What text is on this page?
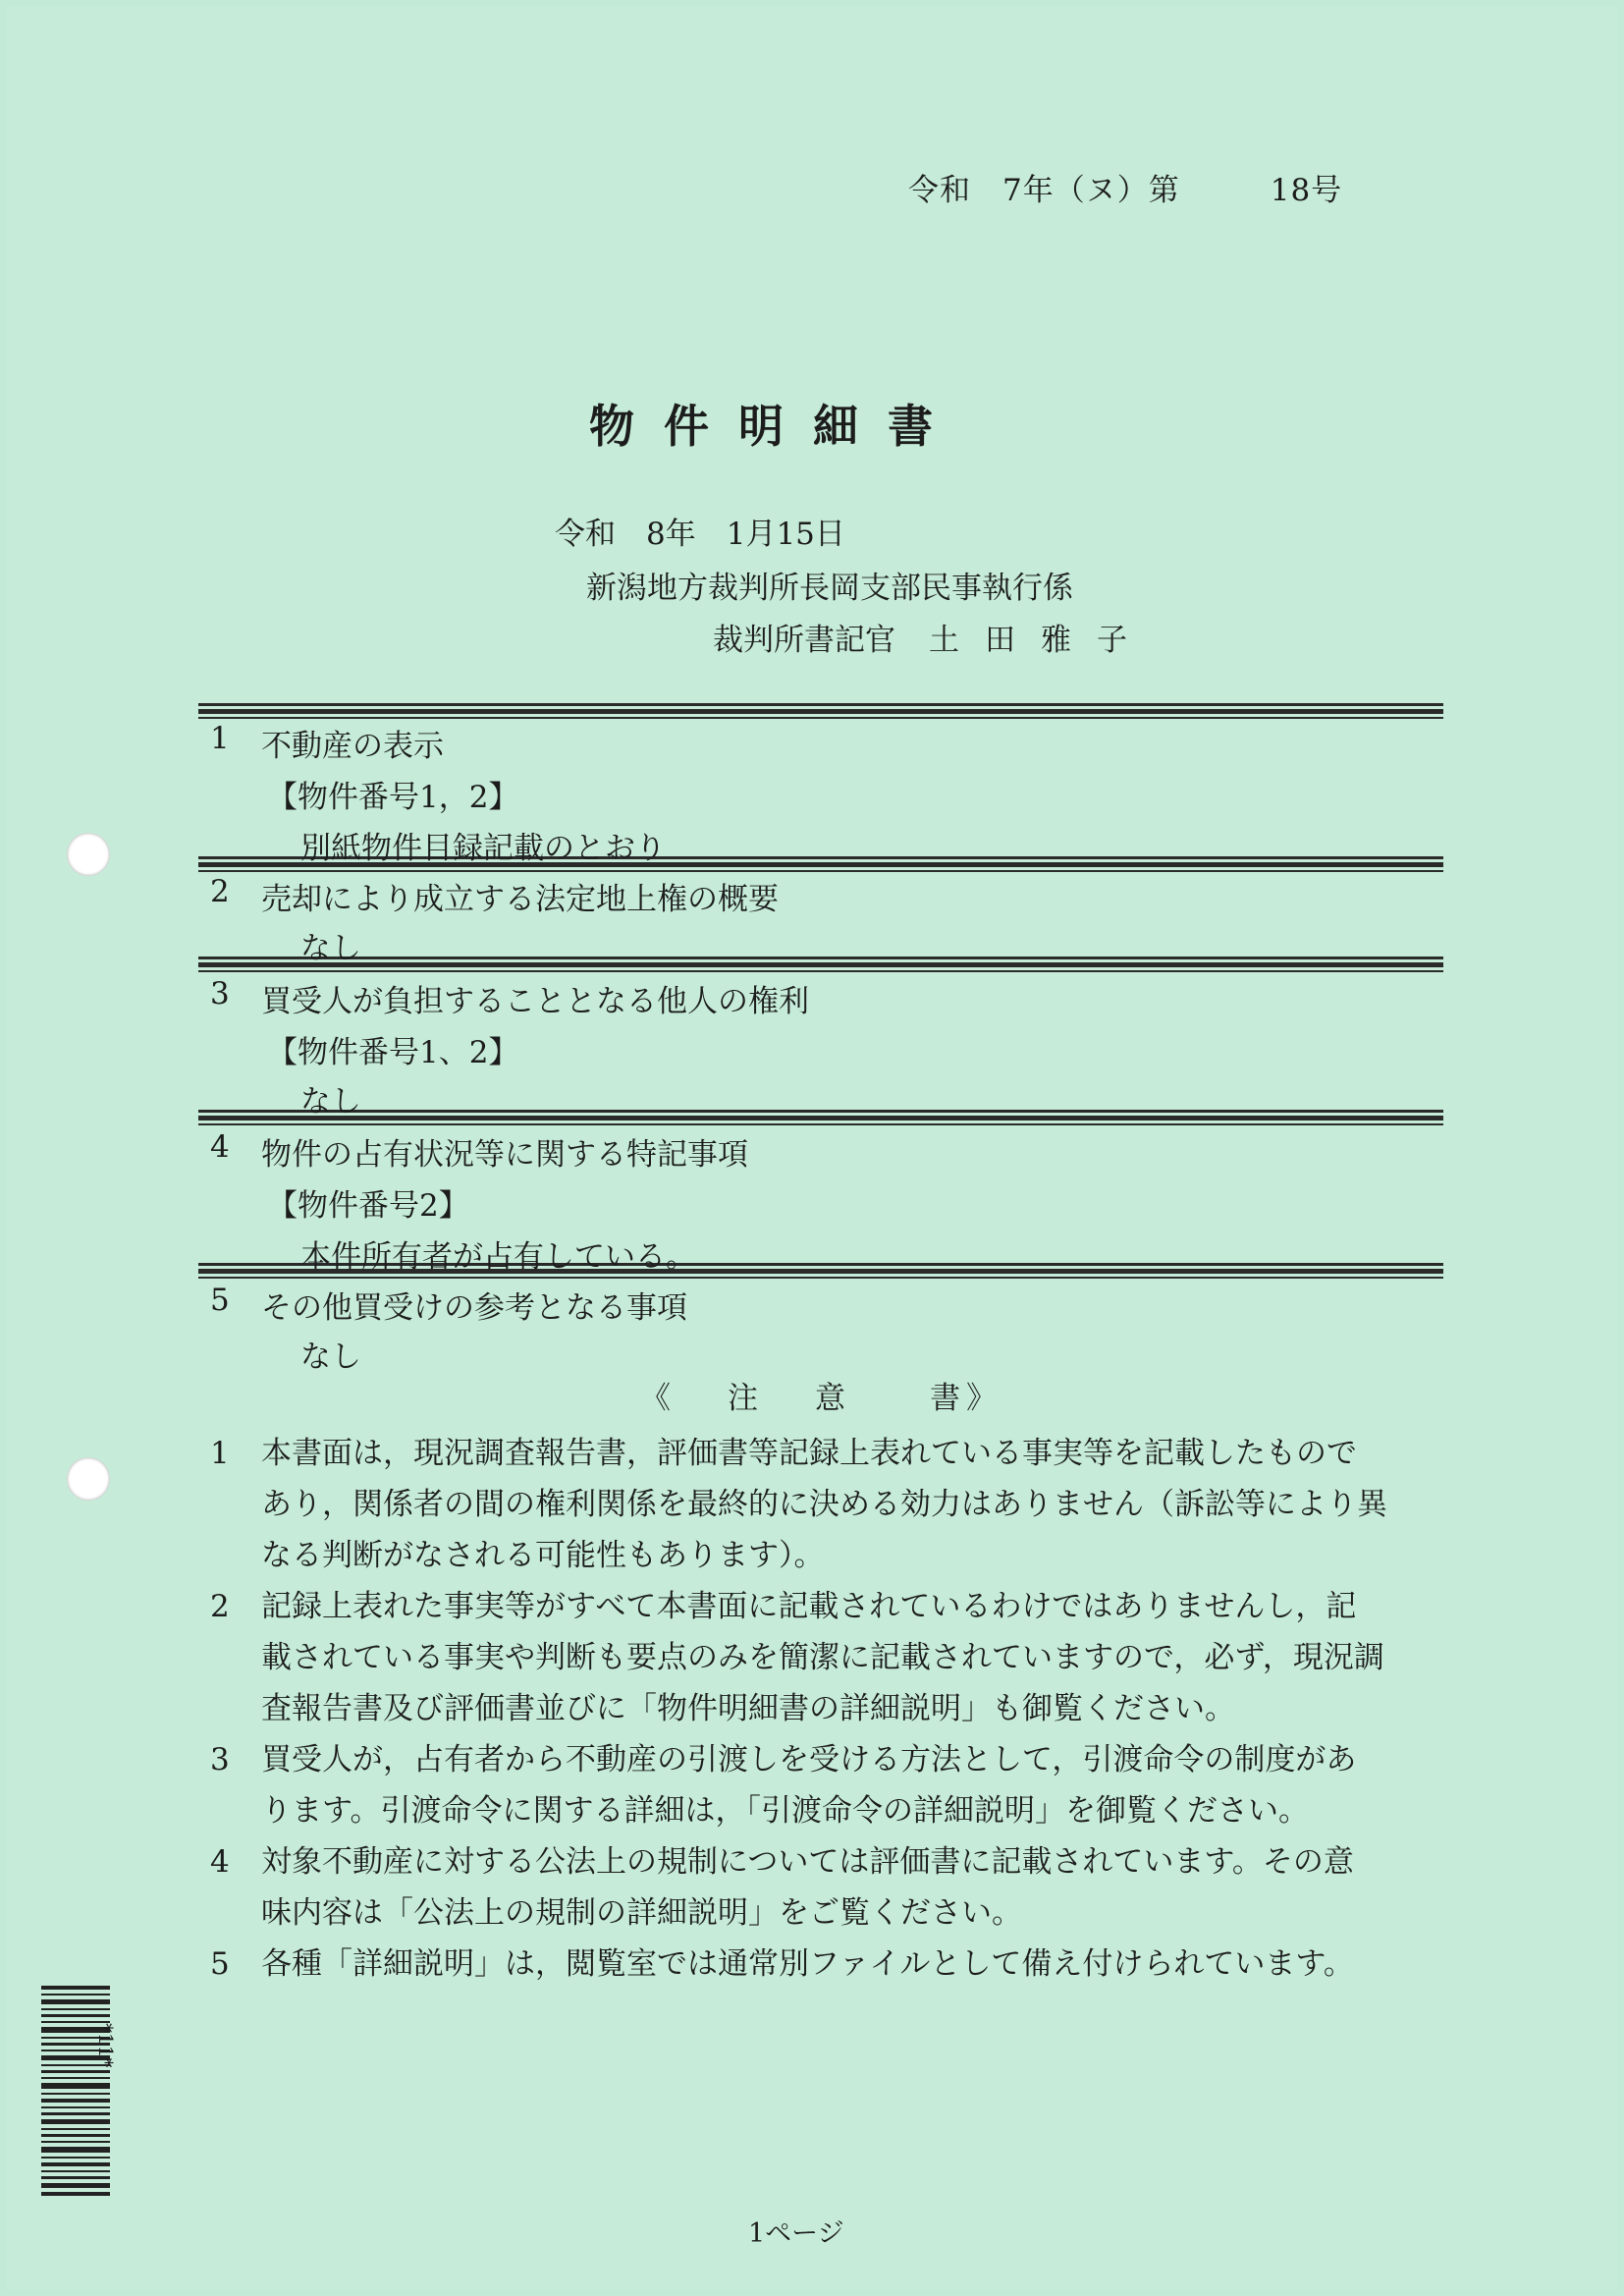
令和　7年（ヌ）第	18号
物件明細書
令和　8年　1月15日
新潟地方裁判所長岡支部民事執行係
裁判所書記官 土田雅子
1 不動産の表示
【物件番号1，2】
別紙物件目録記載のとおり
2 売却により成立する法定地上権の概要
なし
3 買受人が負担することとなる他人の権利
【物件番号1、2】
なし
4 物件の占有状況等に関する特記事項
【物件番号2】
本件所有者が占有している。
5 その他買受けの参考となる事項
なし
《 注 意	書 》
1 本書面は，現況調査報告書，評価書等記録上表れている事実等を記載したもので
あり，関係者の間の権利関係を最終的に決める効力はありません（訴訟等により異
なる判断がなされる可能性もあります）。
2 記録上表れた事実等がすべて本書面に記載されているわけではありませんし，記
載されている事実や判断も要点のみを簡潔に記載されていますので，必ず，現況調
査報告書及び評価書並びに「物件明細書の詳細説明」も御覧ください。
3 買受人が，占有者から不動産の引渡しを受ける方法として，引渡命令の制度があ
ります。引渡命令に関する詳細は，「引渡命令の詳細説明」を御覧ください。
4 対象不動産に対する公法上の規制については評価書に記載されています。その意
味内容は「公法上の規制の詳細説明」をご覧ください。
5 各種「詳細説明」は，閲覧室では通常別ファイルとして備え付けられています。
*11*
1ページ
